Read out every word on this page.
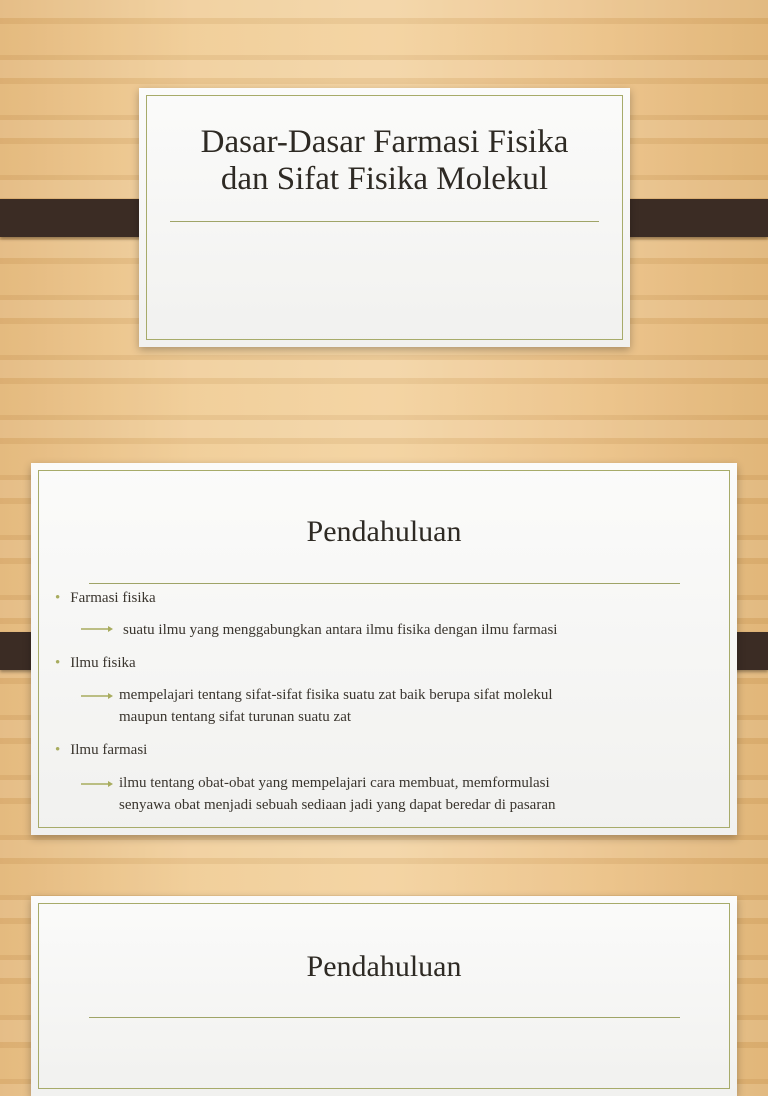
Dasar-Dasar Farmasi Fisika
dan Sifat Fisika Molekul
Pendahuluan
• Farmasi fisika
suatu ilmu yang menggabungkan antara ilmu fisika dengan ilmu farmasi
• Ilmu fisika
mempelajari tentang sifat-sifat fisika suatu zat baik berupa sifat molekul
maupun tentang sifat turunan suatu zat
• Ilmu farmasi
ilmu tentang obat-obat yang mempelajari cara membuat, memformulasi
senyawa obat menjadi sebuah sediaan jadi yang dapat beredar di pasaran
Pendahuluan
